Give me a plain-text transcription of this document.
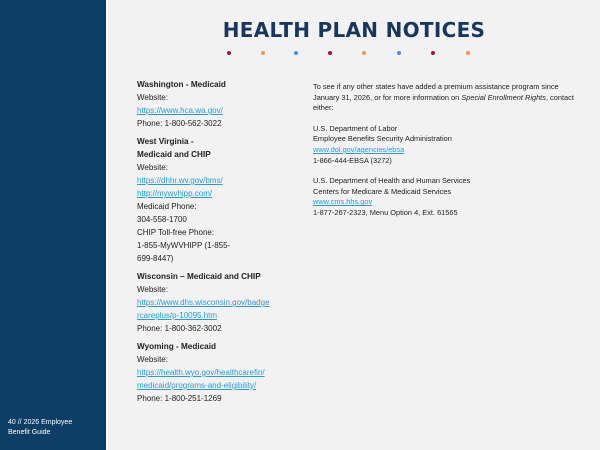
40 // 2026 Employee
Benefit Guide
HEALTH PLAN NOTICES
Washington - Medicaid
Website:
https://www.hca.wa.gov/
Phone: 1-800-562-3022
West Virginia -
Medicaid and CHIP
Website:
https://dhhr.wv.gov/bms/
http://mywvhipp.com/
Medicaid Phone:
304-558-1700
CHIP Toll-free Phone:
1-855-MyWVHIPP (1-855-
699-8447)
Wisconsin – Medicaid and CHIP
Website:
https://www.dhs.wisconsin.gov/badge
rcareplus/p-10095.htm
Phone: 1-800-362-3002
Wyoming - Medicaid
Website:
https://health.wyo.gov/healthcarefin/
medicaid/programs-and-eligibility/
Phone: 1-800-251-1269
To see if any other states have added a premium assistance program since January 31, 2026, or for more information on Special Enrollment Rights, contact either:
U.S. Department of Labor
Employee Benefits Security Administration
www.dol.gov/agencies/ebsa
1-866-444-EBSA (3272)
U.S. Department of Health and Human Services
Centers for Medicare & Medicaid Services
www.cms.hhs.gov
1-877-267-2323, Menu Option 4, Ext. 61565
